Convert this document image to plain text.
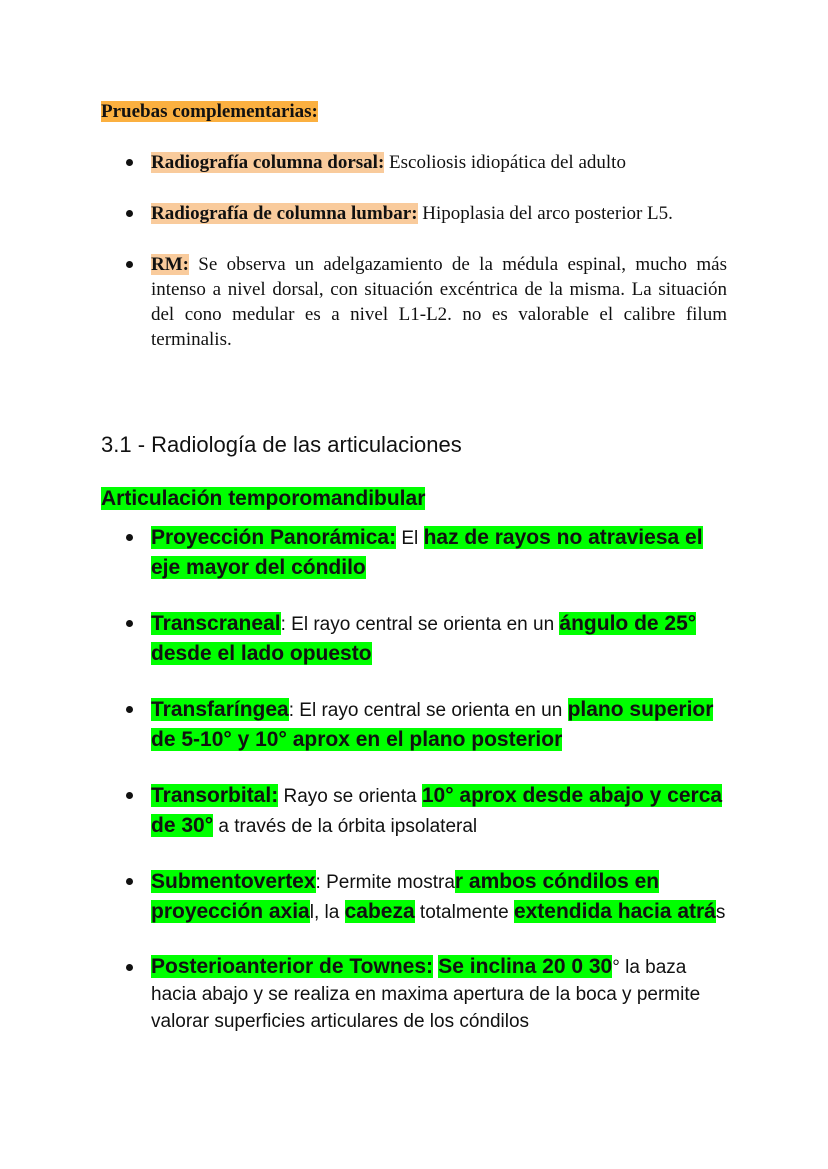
Pruebas complementarias:
Radiografía columna dorsal: Escoliosis idiopática del adulto
Radiografía de columna lumbar: Hipoplasia del arco posterior L5.
RM: Se observa un adelgazamiento de la médula espinal, mucho más intenso a nivel dorsal, con situación excéntrica de la misma. La situación del cono medular es a nivel L1-L2. no es valorable el calibre filum terminalis.
3.1 - Radiología de las articulaciones
Articulación temporomandibular
Proyección Panorámica: El haz de rayos no atraviesa el eje mayor del cóndilo
Transcraneal: El rayo central se orienta en un ángulo de 25° desde el lado opuesto
Transfaríngea: El rayo central se orienta en un plano superior de 5-10° y 10° aprox en el plano posterior
Transorbital: Rayo se orienta 10° aprox desde abajo y cerca de 30° a través de la órbita ipsolateral
Submentovertex: Permite mostrar ambos cóndilos en proyección axial, la cabeza totalmente extendida hacia atrás
Posterioanterior de Townes: Se inclina 20 0 30° la baza hacia abajo y se realiza en maxima apertura de la boca y permite valorar superficies articulares de los cóndilos
